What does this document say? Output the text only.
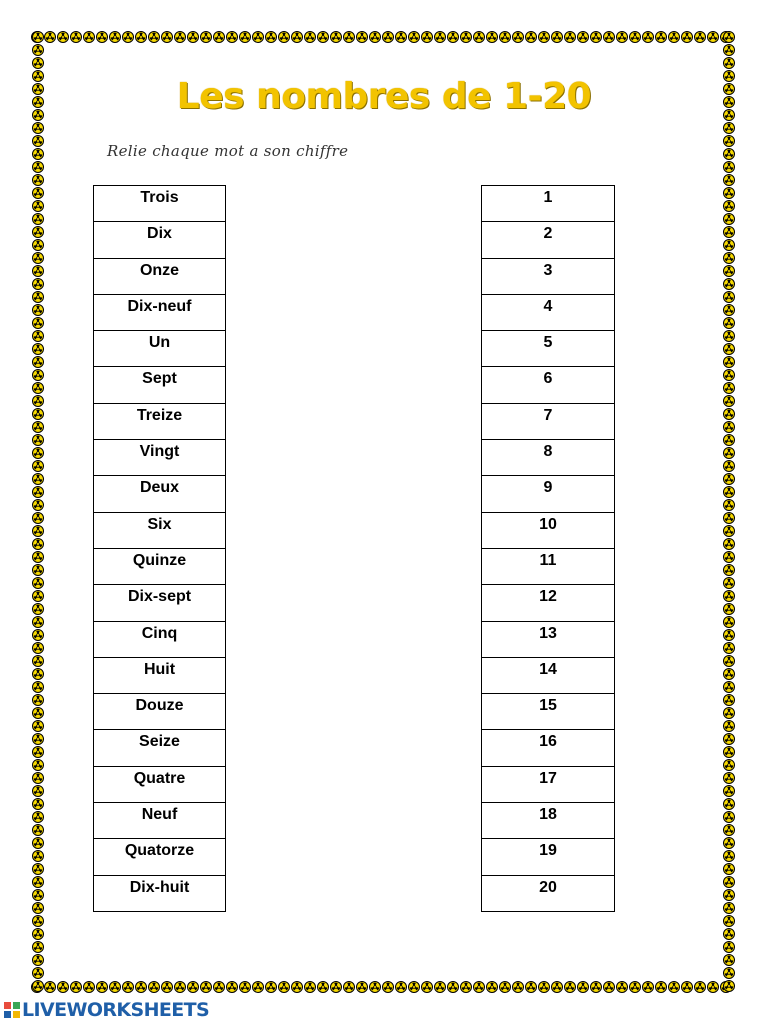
Les nombres de 1-20

Relie chaque mot a son chiffre

Trois
Dix
Onze
Dix-neuf
Un
Sept
Treize
Vingt
Deux
Six
Quinze
Dix-sept
Cinq
Huit
Douze
Seize
Quatre
Neuf
Quatorze
Dix-huit
1
2
3
4
5
6
7
8
9
10
11
12
13
14
15
16
17
18
19
20
LIVEWORKSHEETS
